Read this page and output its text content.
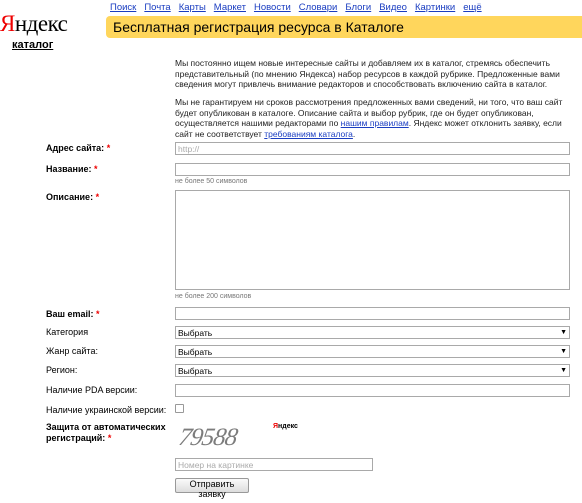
Яндекс
каталог
Поиск Почта Карты Маркет Новости Словари Блоги Видео Картинки ещё
Бесплатная регистрация ресурса в Каталоге

Мы постоянно ищем новые интересные сайты и добавляем их в каталог, стремясь обеспечить представительный (по мнению Яндекса) набор ресурсов в каждой рубрике. Предложенные вами сведения могут привлечь внимание редакторов и способствовать включению сайта в каталог.

Мы не гарантируем ни сроков рассмотрения предложенных вами сведений, ни того, что ваш сайт будет опубликован в каталоге. Описание сайта и выбор рубрик, где он будет опубликован, осуществляется нашими редакторами по нашим правилам. Яндекс может отклонить заявку, если сайт не соответствует требованиям каталога.

Адрес сайта: *
http://
Название: *
не более 50 символов
Описание: *
не более 200 символов
Ваш email: *
Категория	Выбрать	▼
Жанр сайта:	Выбрать	▼
Регион:	Выбрать	▼
Наличие PDA версии:
Наличие украинской версии:
Защита от автоматических
регистраций: *	79588	Яндекс
Номер на картинке
Отправить заявку
